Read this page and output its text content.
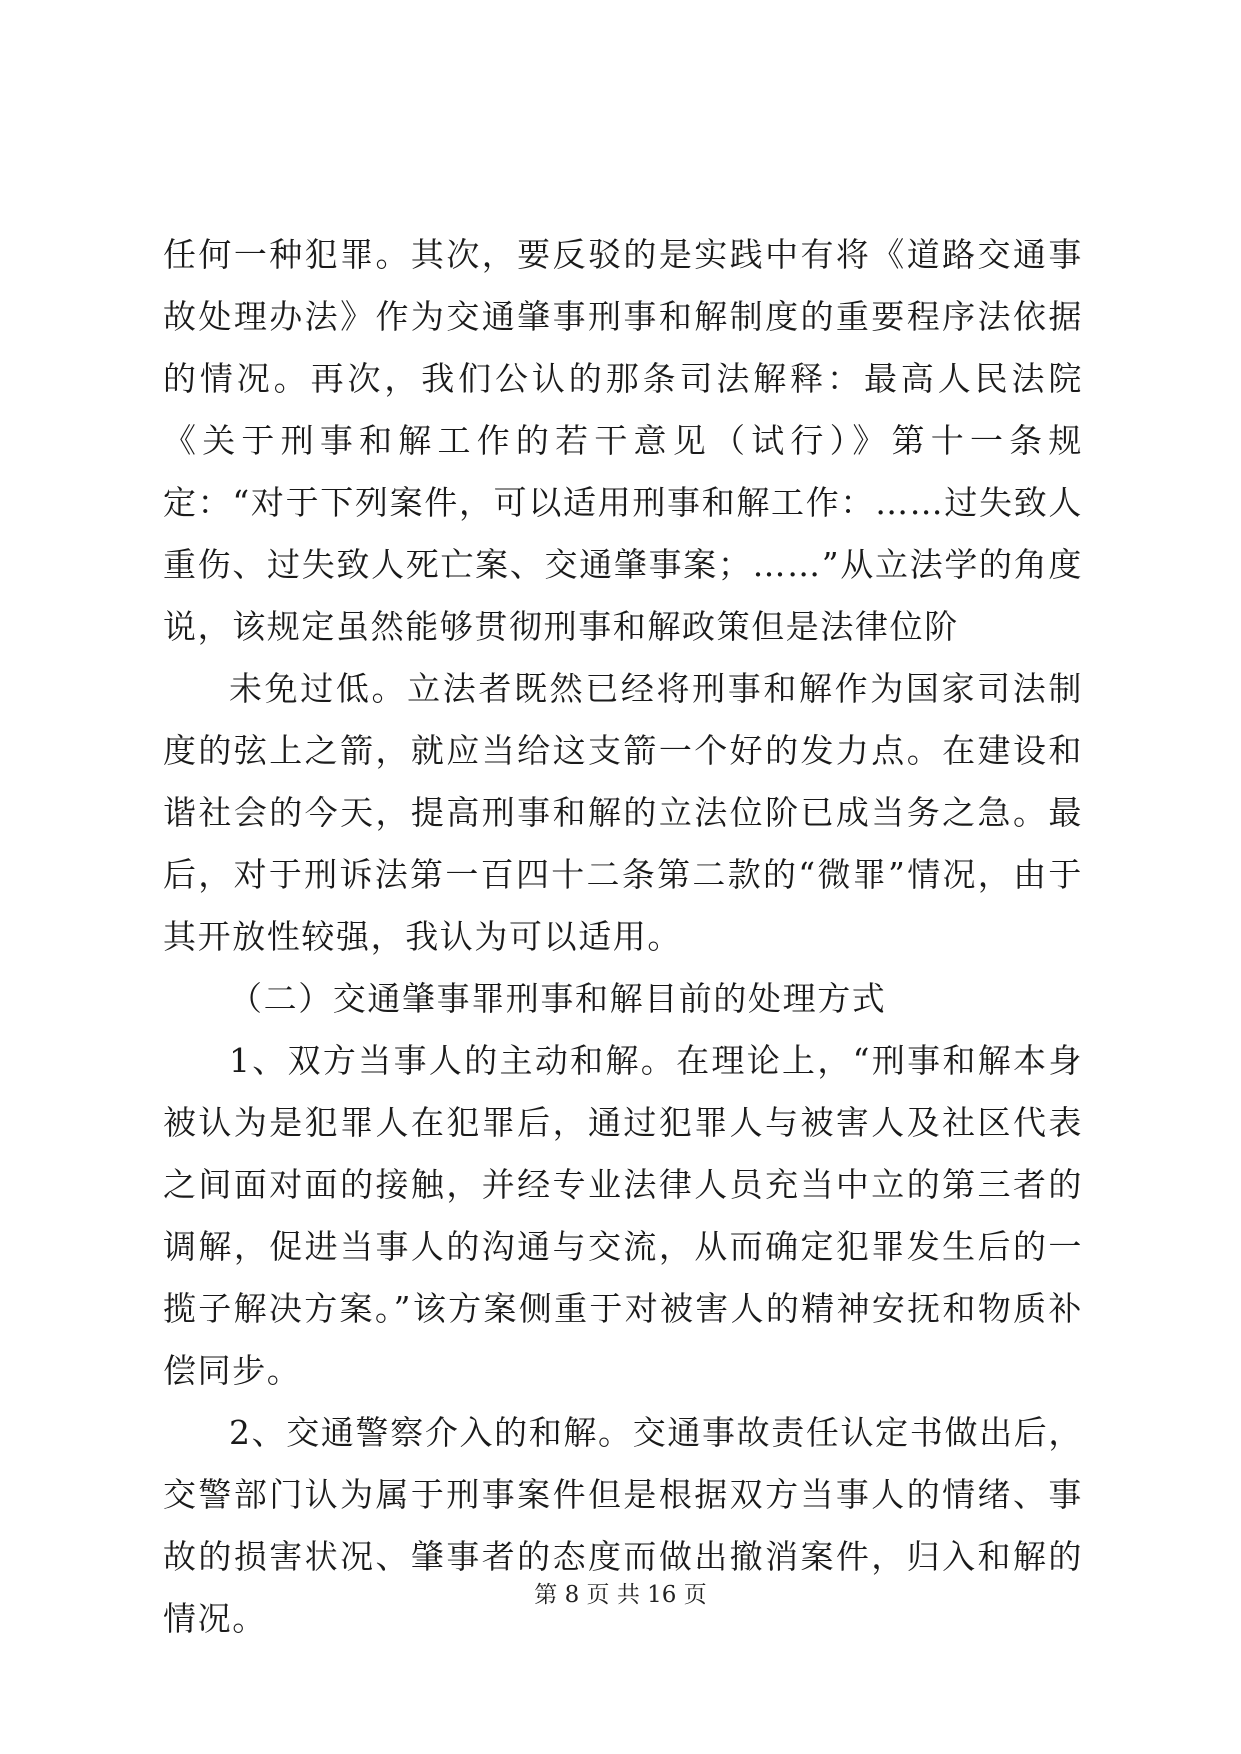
任何一种犯罪。其次，要反驳的是实践中有将《道路交通事故处理办法》作为交通肇事刑事和解制度的重要程序法依据的情况。再次，我们公认的那条司法解释：最高人民法院《关于刑事和解工作的若干意见（试行）》第十一条规定：“对于下列案件，可以适用刑事和解工作：……过失致人重伤、过失致人死亡案、交通肇事案；……”从立法学的角度说，该规定虽然能够贯彻刑事和解政策但是法律位阶

未免过低。立法者既然已经将刑事和解作为国家司法制度的弦上之箭，就应当给这支箭一个好的发力点。在建设和谐社会的今天，提高刑事和解的立法位阶已成当务之急。最后，对于刑诉法第一百四十二条第二款的“微罪”情况，由于其开放性较强，我认为可以适用。

（二）交通肇事罪刑事和解目前的处理方式

1、双方当事人的主动和解。在理论上，“刑事和解本身被认为是犯罪人在犯罪后，通过犯罪人与被害人及社区代表之间面对面的接触，并经专业法律人员充当中立的第三者的调解，促进当事人的沟通与交流，从而确定犯罪发生后的一揽子解决方案。”该方案侧重于对被害人的精神安抚和物质补偿同步。

2、交通警察介入的和解。交通事故责任认定书做出后，交警部门认为属于刑事案件但是根据双方当事人的情绪、事故的损害状况、肇事者的态度而做出撤消案件，归入和解的情况。

第 8 页 共 16 页
